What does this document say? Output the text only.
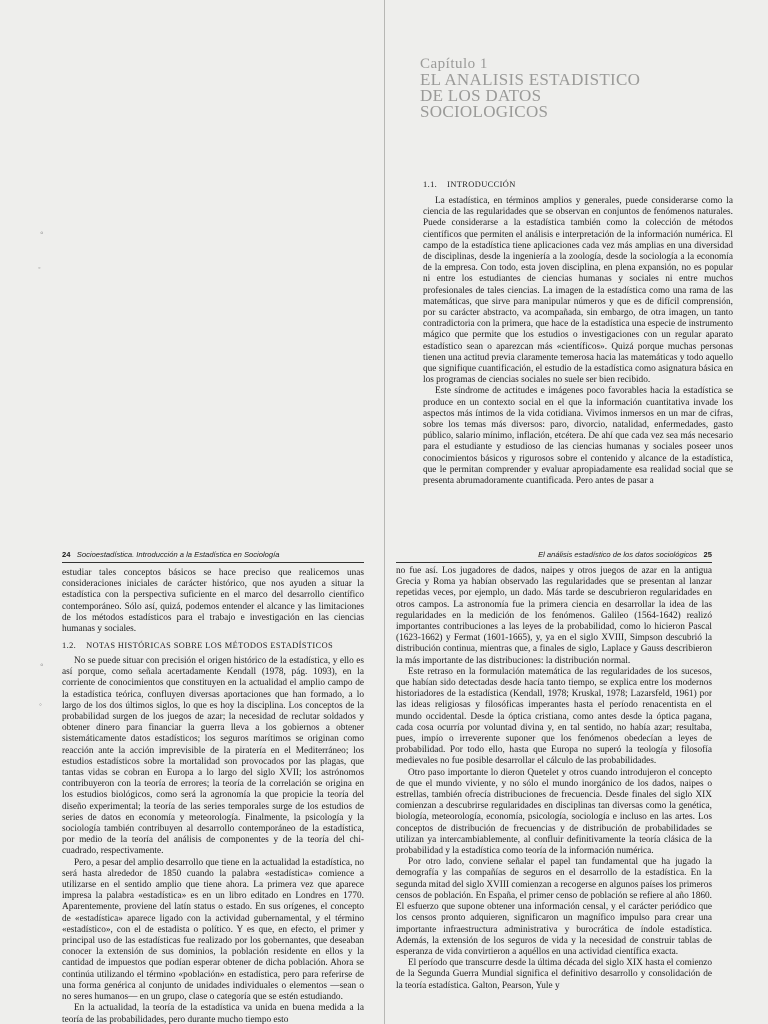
◦
◦
Capítulo 1
EL ANALISIS ESTADISTICO
DE LOS DATOS
SOCIOLOGICOS
1.1. INTRODUCCIÓN

La estadística, en términos amplios y generales, puede considerarse como la ciencia de las regularidades que se observan en conjuntos de fenómenos naturales. Puede considerarse a la estadística también como la colección de métodos científicos que permiten el análisis e interpretación de la información numérica. El campo de la estadística tiene aplicaciones cada vez más amplias en una diversidad de disciplinas, desde la ingeniería a la zoología, desde la sociología a la economía de la empresa. Con todo, esta joven disciplina, en plena expansión, no es popular ni entre los estudiantes de ciencias humanas y sociales ni entre muchos profesionales de tales ciencias. La imagen de la estadística como una rama de las matemáticas, que sirve para manipular números y que es de difícil comprensión, por su carácter abstracto, va acompañada, sin embargo, de otra imagen, un tanto contradictoria con la primera, que hace de la estadística una especie de instrumento mágico que permite que los estudios o investigaciones con un regular aparato estadístico sean o aparezcan más «científicos». Quizá porque muchas personas tienen una actitud previa claramente temerosa hacia las matemáticas y todo aquello que signifique cuantificación, el estudio de la estadística como asignatura básica en los programas de ciencias sociales no suele ser bien recibido.

Este síndrome de actitudes e imágenes poco favorables hacia la estadística se produce en un contexto social en el que la información cuantitativa invade los aspectos más íntimos de la vida cotidiana. Vivimos inmersos en un mar de cifras, sobre los temas más diversos: paro, divorcio, natalidad, enfermedades, gasto público, salario mínimo, inflación, etcétera. De ahí que cada vez sea más necesario para el estudiante y estudioso de las ciencias humanas y sociales poseer unos conocimientos básicos y rigurosos sobre el contenido y alcance de la estadística, que le permitan comprender y evaluar apropiadamente esa realidad social que se presenta abrumadoramente cuantificada. Pero antes de pasar a

◦
◦
24 Socioestadística. Introducción a la Estadística en Sociología

estudiar tales conceptos básicos se hace preciso que realicemos unas consideraciones iniciales de carácter histórico, que nos ayuden a situar la estadística con la perspectiva suficiente en el marco del desarrollo científico contemporáneo. Sólo así, quizá, podemos entender el alcance y las limitaciones de los métodos estadísticos para el trabajo e investigación en las ciencias humanas y sociales.

1.2. NOTAS HISTÓRICAS SOBRE LOS MÉTODOS ESTADÍSTICOS

No se puede situar con precisión el origen histórico de la estadística, y ello es así porque, como señala acertadamente Kendall (1978, pág. 1093), en la corriente de conocimientos que constituyen en la actualidad el amplio campo de la estadística teórica, confluyen diversas aportaciones que han formado, a lo largo de los dos últimos siglos, lo que es hoy la disciplina. Los conceptos de la probabilidad surgen de los juegos de azar; la necesidad de reclutar soldados y obtener dinero para financiar la guerra lleva a los gobiernos a obtener sistemáticamente datos estadísticos; los seguros marítimos se originan como reacción ante la acción imprevisible de la piratería en el Mediterráneo; los estudios estadísticos sobre la mortalidad son provocados por las plagas, que tantas vidas se cobran en Europa a lo largo del siglo XVII; los astrónomos contribuyeron con la teoría de errores; la teoría de la correlación se origina en los estudios biológicos, como será la agronomía la que propicie la teoría del diseño experimental; la teoría de las series temporales surge de los estudios de series de datos en economía y meteorología. Finalmente, la psicología y la sociología también contribuyen al desarrollo contemporáneo de la estadística, por medio de la teoría del análisis de componentes y de la teoría del chi-cuadrado, respectivamente.

Pero, a pesar del amplio desarrollo que tiene en la actualidad la estadística, no será hasta alrededor de 1850 cuando la palabra «estadística» comience a utilizarse en el sentido amplio que tiene ahora. La primera vez que aparece impresa la palabra «estadística» es en un libro editado en Londres en 1770. Aparentemente, proviene del latín status o estado. En sus orígenes, el concepto de «estadística» aparece ligado con la actividad gubernamental, y el término «estadístico», con el de estadista o político. Y es que, en efecto, el primer y principal uso de las estadísticas fue realizado por los gobernantes, que deseaban conocer la extensión de sus dominios, la población residente en ellos y la cantidad de impuestos que podían esperar obtener de dicha población. Ahora se continúa utilizando el término «población» en estadística, pero para referirse de una forma genérica al conjunto de unidades individuales o elementos —sean o no seres humanos— en un grupo, clase o categoría que se estén estudiando.

En la actualidad, la teoría de la estadística va unida en buena medida a la teoría de las probabilidades, pero durante mucho tiempo esto

El análisis estadístico de los datos sociológicos 25

no fue así. Los jugadores de dados, naipes y otros juegos de azar en la antigua Grecia y Roma ya habían observado las regularidades que se presentan al lanzar repetidas veces, por ejemplo, un dado. Más tarde se descubrieron regularidades en otros campos. La astronomía fue la primera ciencia en desarrollar la idea de las regularidades en la medición de los fenómenos. Galileo (1564-1642) realizó importantes contribuciones a las leyes de la probabilidad, como lo hicieron Pascal (1623-1662) y Fermat (1601-1665), y, ya en el siglo XVIII, Simpson descubrió la distribución continua, mientras que, a finales de siglo, Laplace y Gauss describieron la más importante de las distribuciones: la distribución normal.

Este retraso en la formulación matemática de las regularidades de los sucesos, que habían sido detectadas desde hacía tanto tiempo, se explica entre los modernos historiadores de la estadística (Kendall, 1978; Kruskal, 1978; Lazarsfeld, 1961) por las ideas religiosas y filosóficas imperantes hasta el período renacentista en el mundo occidental. Desde la óptica cristiana, como antes desde la óptica pagana, cada cosa ocurría por voluntad divina y, en tal sentido, no había azar; resultaba, pues, impío o irreverente suponer que los fenómenos obedecían a leyes de probabilidad. Por todo ello, hasta que Europa no superó la teología y filosofía medievales no fue posible desarrollar el cálculo de las probabilidades.

Otro paso importante lo dieron Quetelet y otros cuando introdujeron el concepto de que el mundo viviente, y no sólo el mundo inorgánico de los dados, naipes o estrellas, también ofrecía distribuciones de frecuencia. Desde finales del siglo XIX comienzan a descubrirse regularidades en disciplinas tan diversas como la genética, biología, meteorología, economía, psicología, sociología e incluso en las artes. Los conceptos de distribución de frecuencias y de distribución de probabilidades se utilizan ya intercambiablemente, al confluir definitivamente la teoría clásica de la probabilidad y la estadística como teoría de la información numérica.

Por otro lado, conviene señalar el papel tan fundamental que ha jugado la demografía y las compañías de seguros en el desarrollo de la estadística. En la segunda mitad del siglo XVIII comienzan a recogerse en algunos países los primeros censos de población. En España, el primer censo de población se refiere al año 1860. El esfuerzo que supone obtener una información censal, y el carácter periódico que los censos pronto adquieren, significaron un magnífico impulso para crear una importante infraestructura administrativa y burocrática de índole estadística. Además, la extensión de los seguros de vida y la necesidad de construir tablas de esperanza de vida convirtieron a aquéllos en una actividad científica exacta.

El período que transcurre desde la última década del siglo XIX hasta el comienzo de la Segunda Guerra Mundial significa el definitivo desarrollo y consolidación de la teoría estadística. Galton, Pearson, Yule y
